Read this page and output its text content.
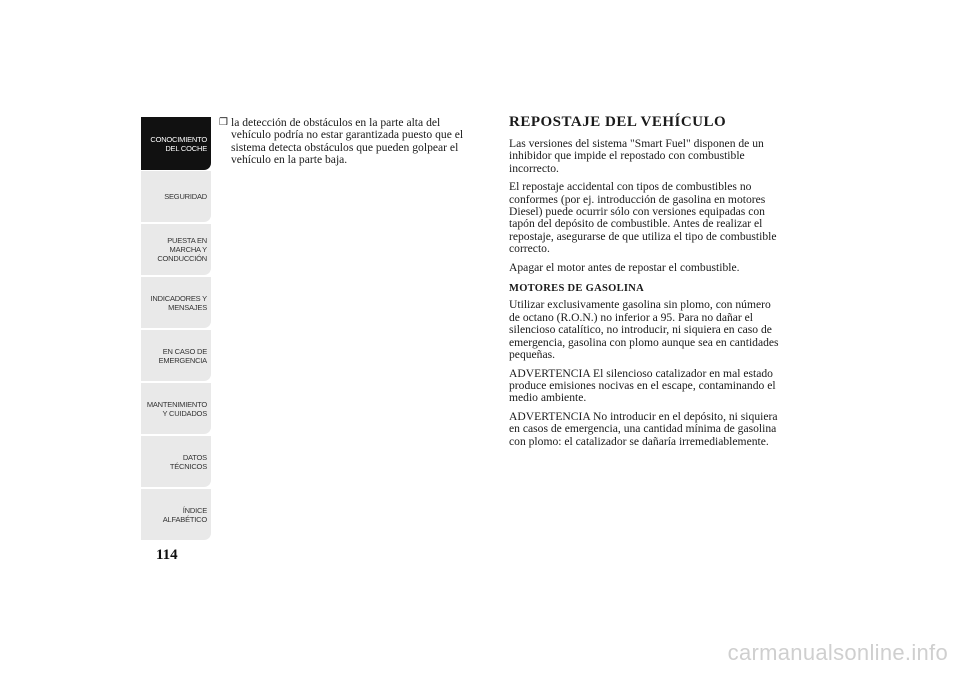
CONOCIMIENTO DEL COCHE
SEGURIDAD
PUESTA EN MARCHA Y CONDUCCIÓN
INDICADORES Y MENSAJES
EN CASO DE EMERGENCIA
MANTENIMIENTO Y CUIDADOS
DATOS TÉCNICOS
ÍNDICE ALFABÉTICO
114
❒ la detección de obstáculos en la parte alta del vehículo podría no estar garantizada puesto que el sistema detecta obstáculos que pueden golpear el vehículo en la parte baja.
REPOSTAJE DEL VEHÍCULO

Las versiones del sistema "Smart Fuel" disponen de un inhibidor que impide el repostado con combustible incorrecto.

El repostaje accidental con tipos de combustibles no conformes (por ej. introducción de gasolina en motores Diesel) puede ocurrir sólo con versiones equipadas con tapón del depósito de combustible. Antes de realizar el repostaje, asegurarse de que utiliza el tipo de combustible correcto.

Apagar el motor antes de repostar el combustible.

MOTORES DE GASOLINA

Utilizar exclusivamente gasolina sin plomo, con número de octano (R.O.N.) no inferior a 95. Para no dañar el silencioso catalítico, no introducir, ni siquiera en caso de emergencia, gasolina con plomo aunque sea en cantidades pequeñas.

ADVERTENCIA El silencioso catalizador en mal estado produce emisiones nocivas en el escape, contaminando el medio ambiente.

ADVERTENCIA No introducir en el depósito, ni siquiera en casos de emergencia, una cantidad mínima de gasolina con plomo: el catalizador se dañaría irremediablemente.

carmanualsonline.info
